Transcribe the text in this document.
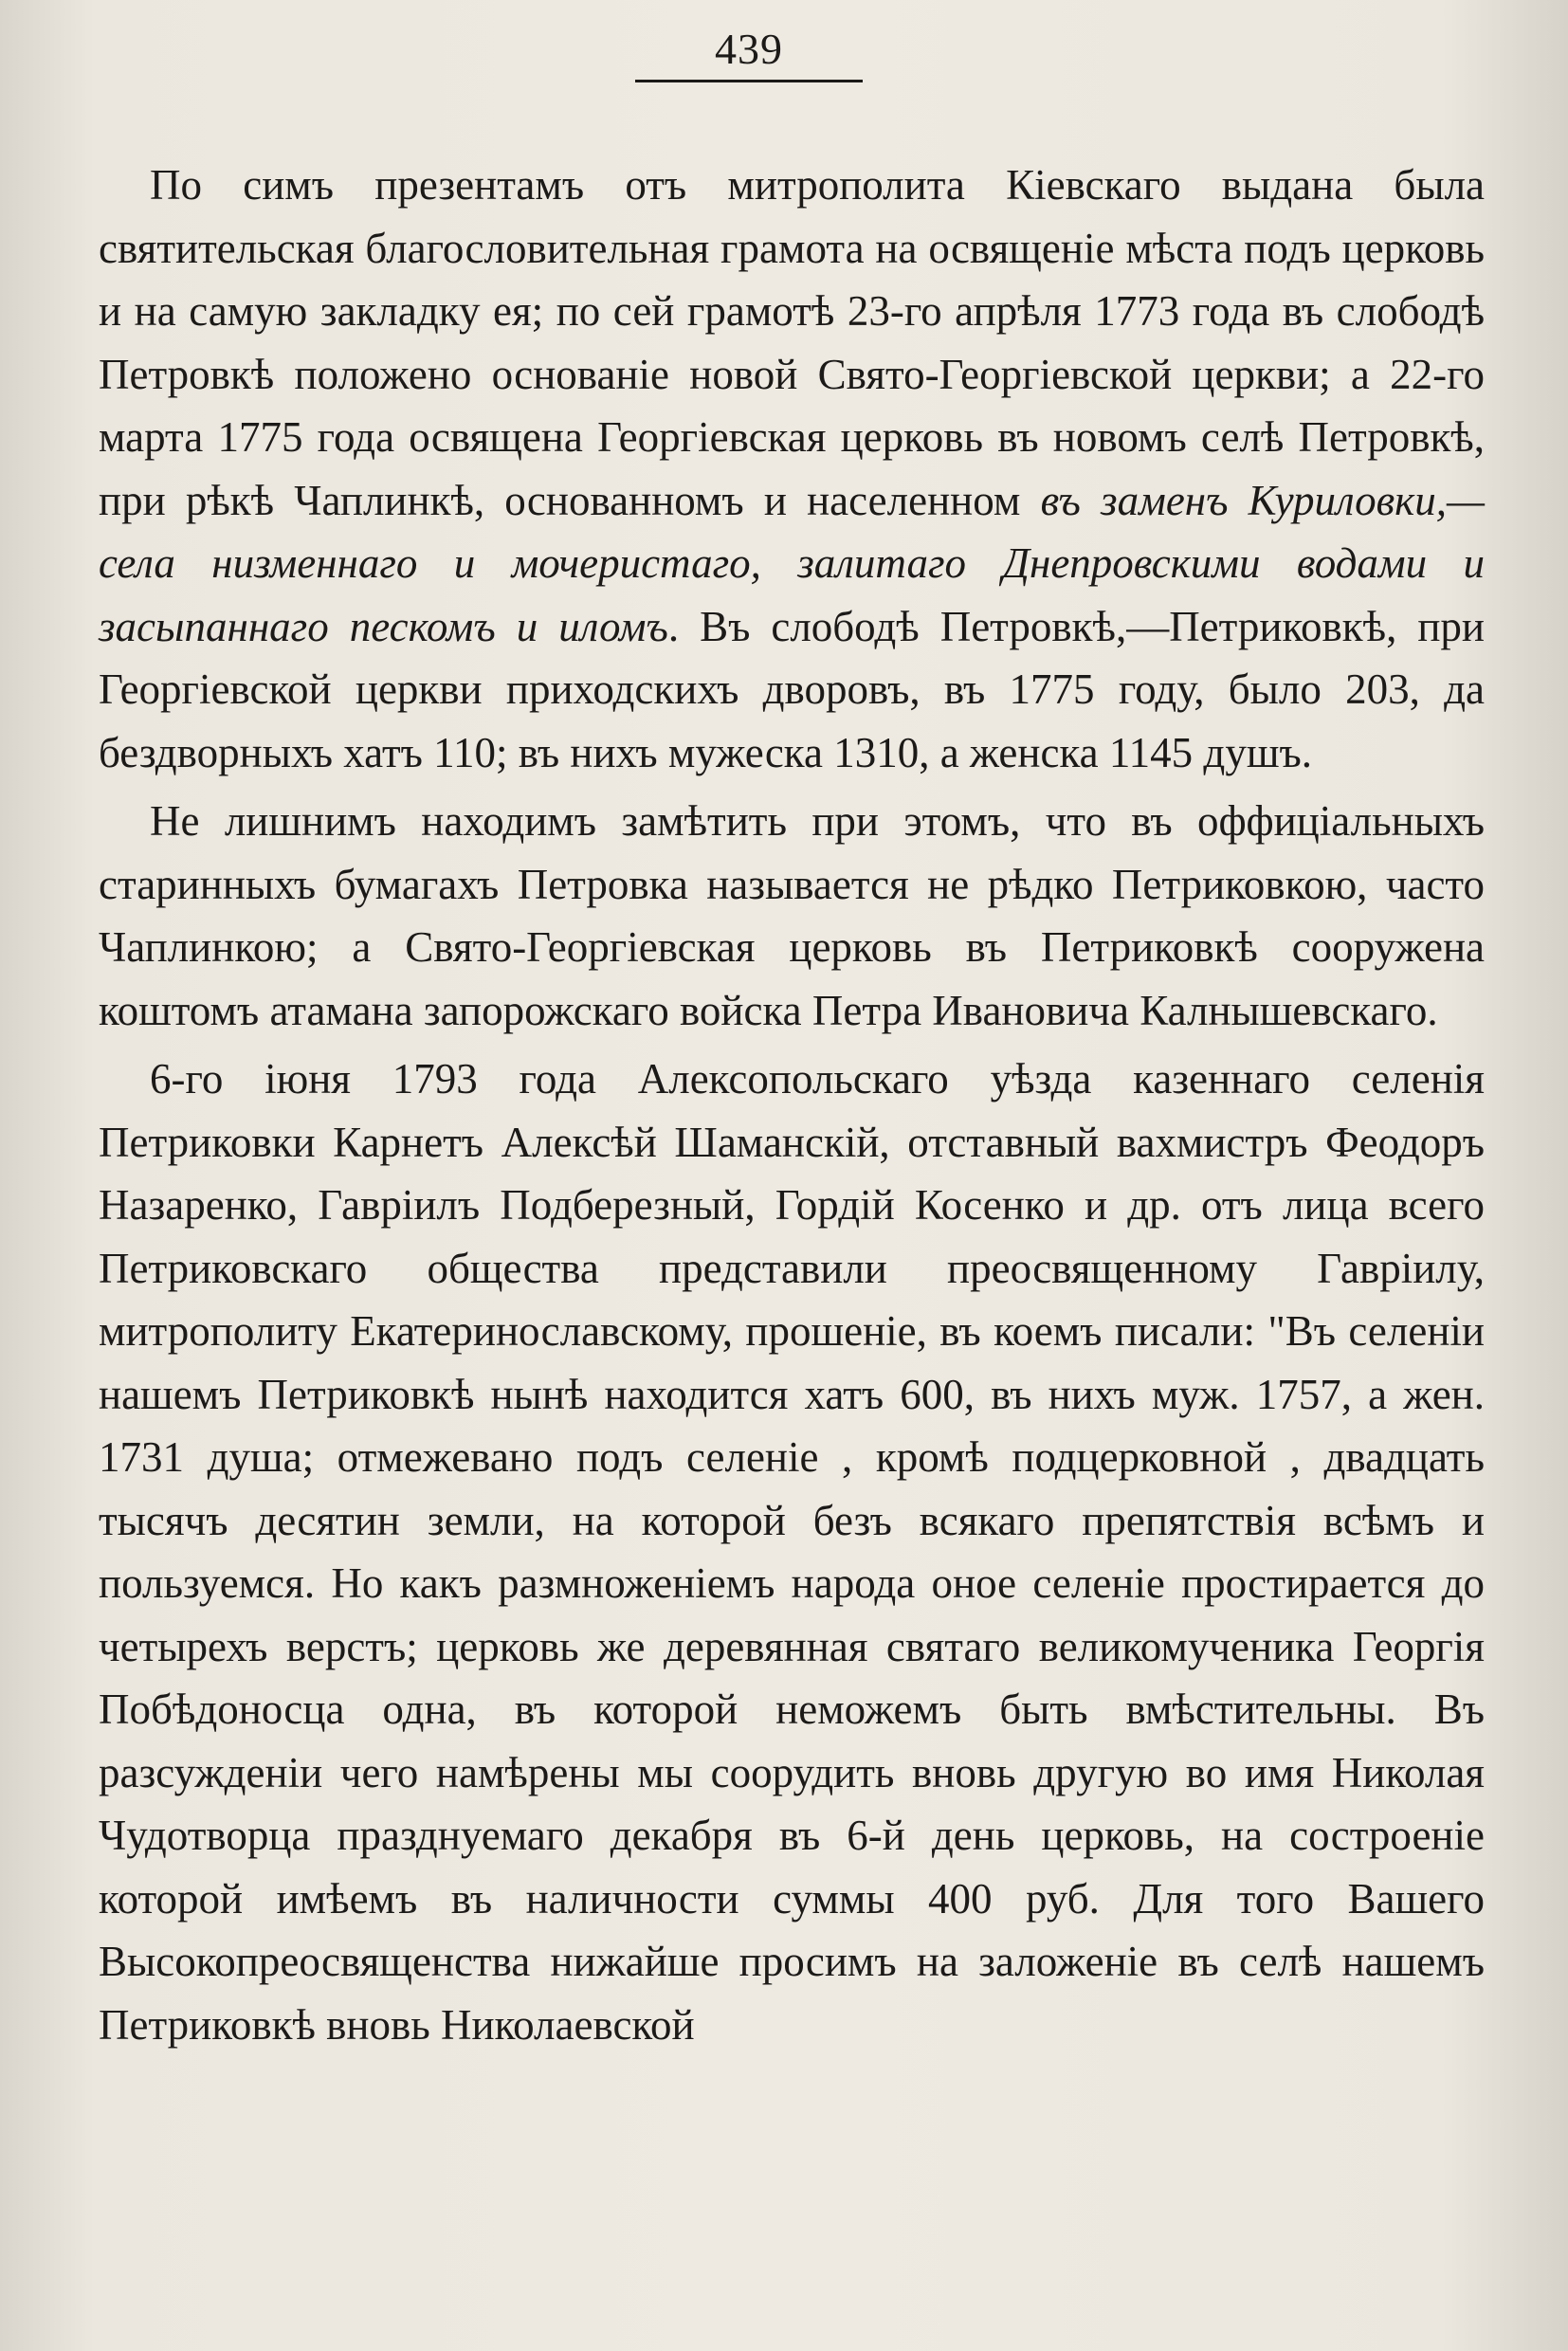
439

По симъ презентамъ отъ митрополита Кіевскаго выдана была святительская благословительная грамота на освященіе мѣста подъ церковь и на самую закладку ея; по сей грамотѣ 23-го апрѣля 1773 года въ слободѣ Петровкѣ положено основаніе новой Свято-Георгіевской церкви; а 22-го марта 1775 года освящена Георгіевская церковь въ новомъ селѣ Петровкѣ, при рѣкѣ Чаплинкѣ, основанномъ и населенном въ заменъ Куриловки,—села низменнаго и мочеристаго, залитаго Днепровскими водами и засыпаннаго пескомъ и иломъ. Въ слободѣ Петровкѣ,—Петриковкѣ, при Георгіевской церкви приходскихъ дворовъ, въ 1775 году, было 203, да бездворныхъ хатъ 110; въ нихъ мужеска 1310, а женска 1145 душъ.

Не лишнимъ находимъ замѣтить при этомъ, что въ оффиціальныхъ старинныхъ бумагахъ Петровка называется не рѣдко Петриковкою, часто Чаплинкою; а Свято-Георгіевская церковь въ Петриковкѣ сооружена коштомъ атамана запорожскаго войска Петра Ивановича Калнышевскаго.

6-го іюня 1793 года Алексопольскаго уѣзда казеннаго селенія Петриковки Карнетъ Алексѣй Шаманскій, отставный вахмистръ Феодоръ Назаренко, Гавріилъ Подберезный, Гордій Косенко и др. отъ лица всего Петриковскаго общества представили преосвященному Гавріилу, митрополиту Екатеринославскому, прошеніе, въ коемъ писали: "Въ селеніи нашемъ Петриковкѣ нынѣ находится хатъ 600, въ нихъ муж. 1757, а жен. 1731 душа; отмежевано подъ селеніе , кромѣ подцерковной , двадцать тысячъ десятин земли, на которой безъ всякаго препятствія всѣмъ и пользуемся. Но какъ размноженіемъ народа оное селеніе простирается до четырехъ верстъ; церковь же деревянная святаго великомученика Георгія Побѣдоносца одна, въ которой неможемъ быть вмѣстительны. Въ разсужденіи чего намѣрены мы соорудить вновь другую во имя Николая Чудотворца празднуемаго декабря въ 6-й день церковь, на состроеніе которой имѣемъ въ наличности суммы 400 руб. Для того Вашего Высокопреосвященства нижайше просимъ на заложеніе въ селѣ нашемъ Петриковкѣ вновь Николаевской
